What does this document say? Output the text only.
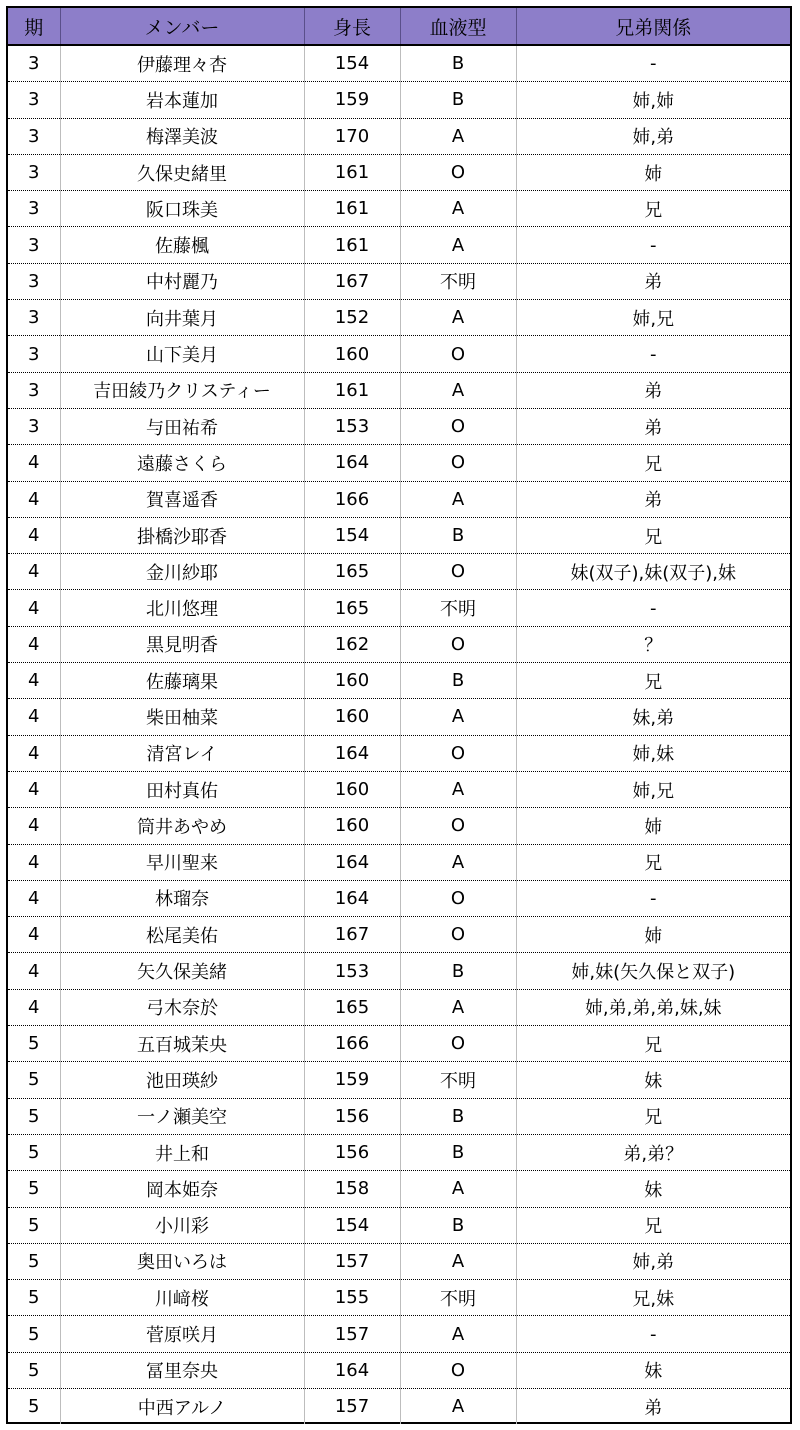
期	メンバー	身長	血液型	兄弟関係
3	伊藤理々杏	154	B	-
3	岩本蓮加	159	B	姉,姉
3	梅澤美波	170	A	姉,弟
3	久保史緒里	161	O	姉
3	阪口珠美	161	A	兄
3	佐藤楓	161	A	-
3	中村麗乃	167	不明	弟
3	向井葉月	152	A	姉,兄
3	山下美月	160	O	-
3	吉田綾乃クリスティー	161	A	弟
3	与田祐希	153	O	弟
4	遠藤さくら	164	O	兄
4	賀喜遥香	166	A	弟
4	掛橋沙耶香	154	B	兄
4	金川紗耶	165	O	妹(双子),妹(双子),妹
4	北川悠理	165	不明	-
4	黒見明香	162	O	？
4	佐藤璃果	160	B	兄
4	柴田柚菜	160	A	妹,弟
4	清宮レイ	164	O	姉,妹
4	田村真佑	160	A	姉,兄
4	筒井あやめ	160	O	姉
4	早川聖来	164	A	兄
4	林瑠奈	164	O	-
4	松尾美佑	167	O	姉
4	矢久保美緒	153	B	姉,妹(矢久保と双子)
4	弓木奈於	165	A	姉,弟,弟,弟,妹,妹
5	五百城茉央	166	O	兄
5	池田瑛紗	159	不明	妹
5	一ノ瀬美空	156	B	兄
5	井上和	156	B	弟,弟？
5	岡本姫奈	158	A	妹
5	小川彩	154	B	兄
5	奥田いろは	157	A	姉,弟
5	川﨑桜	155	不明	兄,妹
5	菅原咲月	157	A	-
5	冨里奈央	164	O	妹
5	中西アルノ	157	A	弟
